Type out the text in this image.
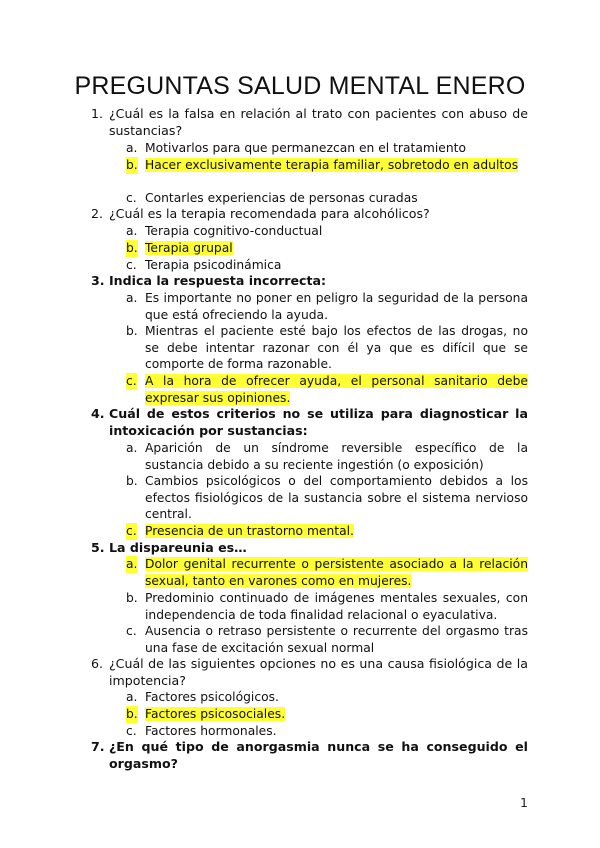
PREGUNTAS SALUD MENTAL ENERO
1. ¿Cuál es la falsa en relación al trato con pacientes con abuso de sustancias?
a. Motivarlos para que permanezcan en el tratamiento
b. Hacer exclusivamente terapia familiar, sobretodo en adultos
c. Contarles experiencias de personas curadas
2. ¿Cuál es la terapia recomendada para alcohólicos?
a. Terapia cognitivo-conductual
b. Terapia grupal
c. Terapia psicodinámica
3. Indica la respuesta incorrecta:
a. Es importante no poner en peligro la seguridad de la persona que está ofreciendo la ayuda.
b. Mientras el paciente esté bajo los efectos de las drogas, no se debe intentar razonar con él ya que es difícil que se comporte de forma razonable.
c. A la hora de ofrecer ayuda, el personal sanitario debe expresar sus opiniones.
4. Cuál de estos criterios no se utiliza para diagnosticar la intoxicación por sustancias:
a. Aparición de un síndrome reversible específico de la sustancia debido a su reciente ingestión (o exposición)
b. Cambios psicológicos o del comportamiento debidos a los efectos fisiológicos de la sustancia sobre el sistema nervioso central.
c. Presencia de un trastorno mental.
5. La dispareunia es…
a. Dolor genital recurrente o persistente asociado a la relación sexual, tanto en varones como en mujeres.
b. Predominio continuado de imágenes mentales sexuales, con independencia de toda finalidad relacional o eyaculativa.
c. Ausencia o retraso persistente o recurrente del orgasmo tras una fase de excitación sexual normal
6. ¿Cuál de las siguientes opciones no es una causa fisiológica de la impotencia?
a. Factores psicológicos.
b. Factores psicosociales.
c. Factores hormonales.
7. ¿En qué tipo de anorgasmia nunca se ha conseguido el orgasmo?
1
